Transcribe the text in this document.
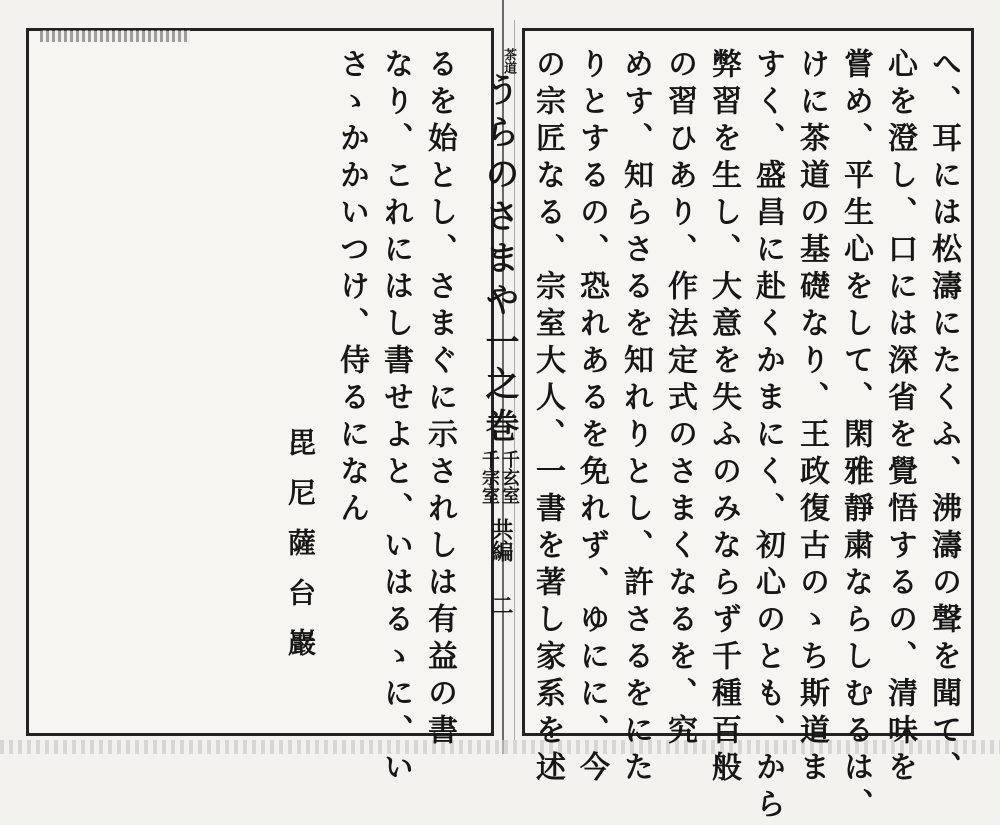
へ、耳には松濤にたくふ、沸濤の聲を聞て、
心を澄し、口には深省を覺悟するの、清味を
嘗め、平生心をして、閑雅靜粛ならしむるは、
けに茶道の基礎なり、王政復古のゝち斯道ま
すく、盛昌に赴くかまにく、初心のとも、から
弊習を生し、大意を失ふのみならず千種百般
の習ひあり、作法定式のさまくなるを、究
めす、知らさるを知れりとし、許さるをにた
りとするの、恐れあるを免れず、ゆにに、今
の宗匠なる、宗室大人、一書を著し家系を述
茶道
うらのさまや一之巻
千玄室
千宗室
共編
二
るを始とし、さまぐに示されしは有益の書
なり、これにはし書せよと、いはるゝに、い
さゝかかいつけ、侍るになん
毘尼薩台巖
